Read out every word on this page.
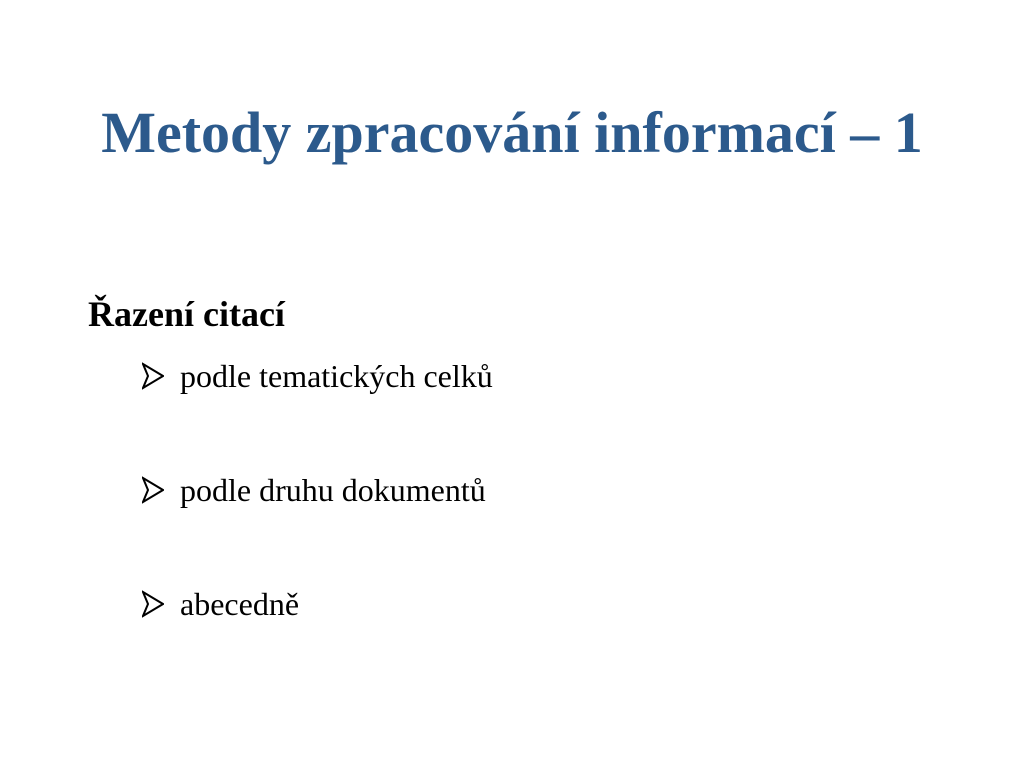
Metody zpracování informací – 1
Řazení citací
podle tematických celků
podle druhu dokumentů
abecedně
